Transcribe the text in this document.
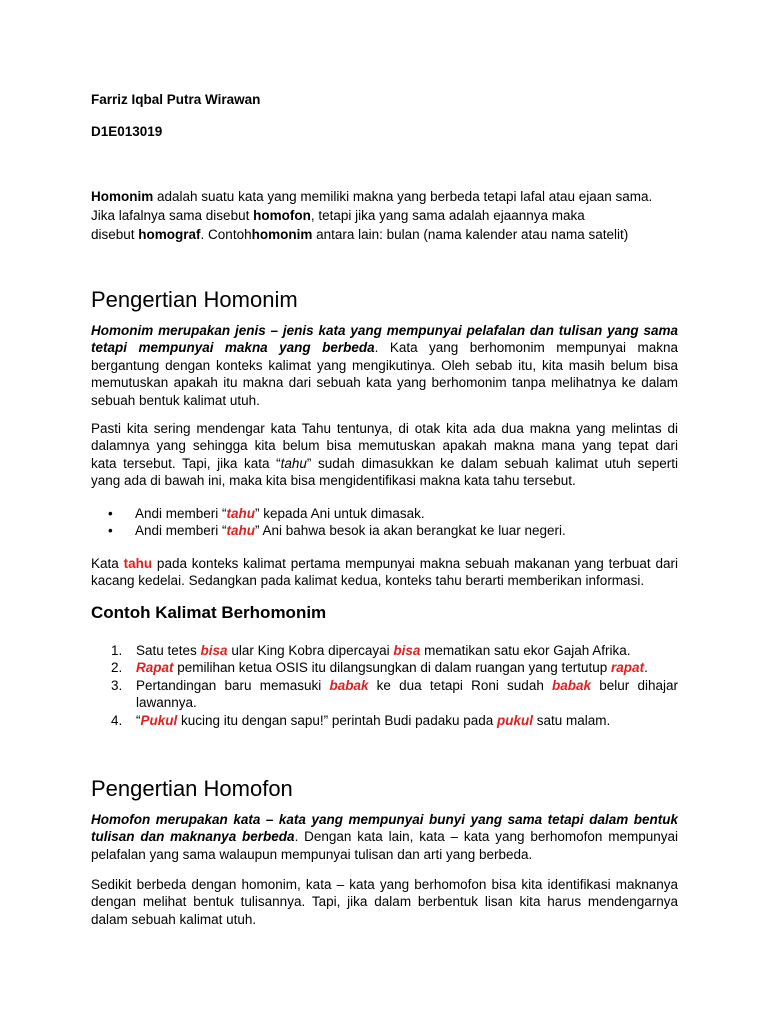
Farriz Iqbal Putra Wirawan
D1E013019
Homonim adalah suatu kata yang memiliki makna yang berbeda tetapi lafal atau ejaan sama.
Jika lafalnya sama disebut homofon, tetapi jika yang sama adalah ejaannya maka
disebut homograf. Contohhomonim antara lain: bulan (nama kalender atau nama satelit)
Pengertian Homonim
Homonim merupakan jenis – jenis kata yang mempunyai pelafalan dan tulisan yang sama
tetapi mempunyai makna yang berbeda. Kata yang berhomonim mempunyai makna
bergantung dengan konteks kalimat yang mengikutinya. Oleh sebab itu, kita masih belum bisa
memutuskan apakah itu makna dari sebuah kata yang berhomonim tanpa melihatnya ke dalam
sebuah bentuk kalimat utuh.
Pasti kita sering mendengar kata Tahu tentunya, di otak kita ada dua makna yang melintas di
dalamnya yang sehingga kita belum bisa memutuskan apakah makna mana yang tepat dari
kata tersebut. Tapi, jika kata “tahu” sudah dimasukkan ke dalam sebuah kalimat utuh seperti
yang ada di bawah ini, maka kita bisa mengidentifikasi makna kata tahu tersebut.
•	Andi memberi “ tahu ” kepada Ani untuk dimasak.
•	Andi memberi “ tahu ” Ani bahwa besok ia akan berangkat ke luar negeri.
Kata tahu pada konteks kalimat pertama mempunyai makna sebuah makanan yang terbuat dari
kacang kedelai. Sedangkan pada kalimat kedua, konteks tahu berarti memberikan informasi.
Contoh Kalimat Berhomonim
1.	Satu tetes bisa ular King Kobra dipercayai bisa mematikan satu ekor Gajah Afrika.
2.	Rapat pemilihan ketua OSIS itu dilangsungkan di dalam ruangan yang tertutup rapat.
3.	Pertandingan baru memasuki babak ke dua tetapi Roni sudah babak belur dihajar
lawannya.
4.	“Pukul kucing itu dengan sapu!” perintah Budi padaku pada pukul satu malam.
Pengertian Homofon
Homofon merupakan kata – kata yang mempunyai bunyi yang sama tetapi dalam bentuk
tulisan dan maknanya berbeda. Dengan kata lain, kata – kata yang berhomofon mempunyai
pelafalan yang sama walaupun mempunyai tulisan dan arti yang berbeda.
Sedikit berbeda dengan homonim, kata – kata yang berhomofon bisa kita identifikasi maknanya
dengan melihat bentuk tulisannya. Tapi, jika dalam berbentuk lisan kita harus mendengarnya
dalam sebuah kalimat utuh.
